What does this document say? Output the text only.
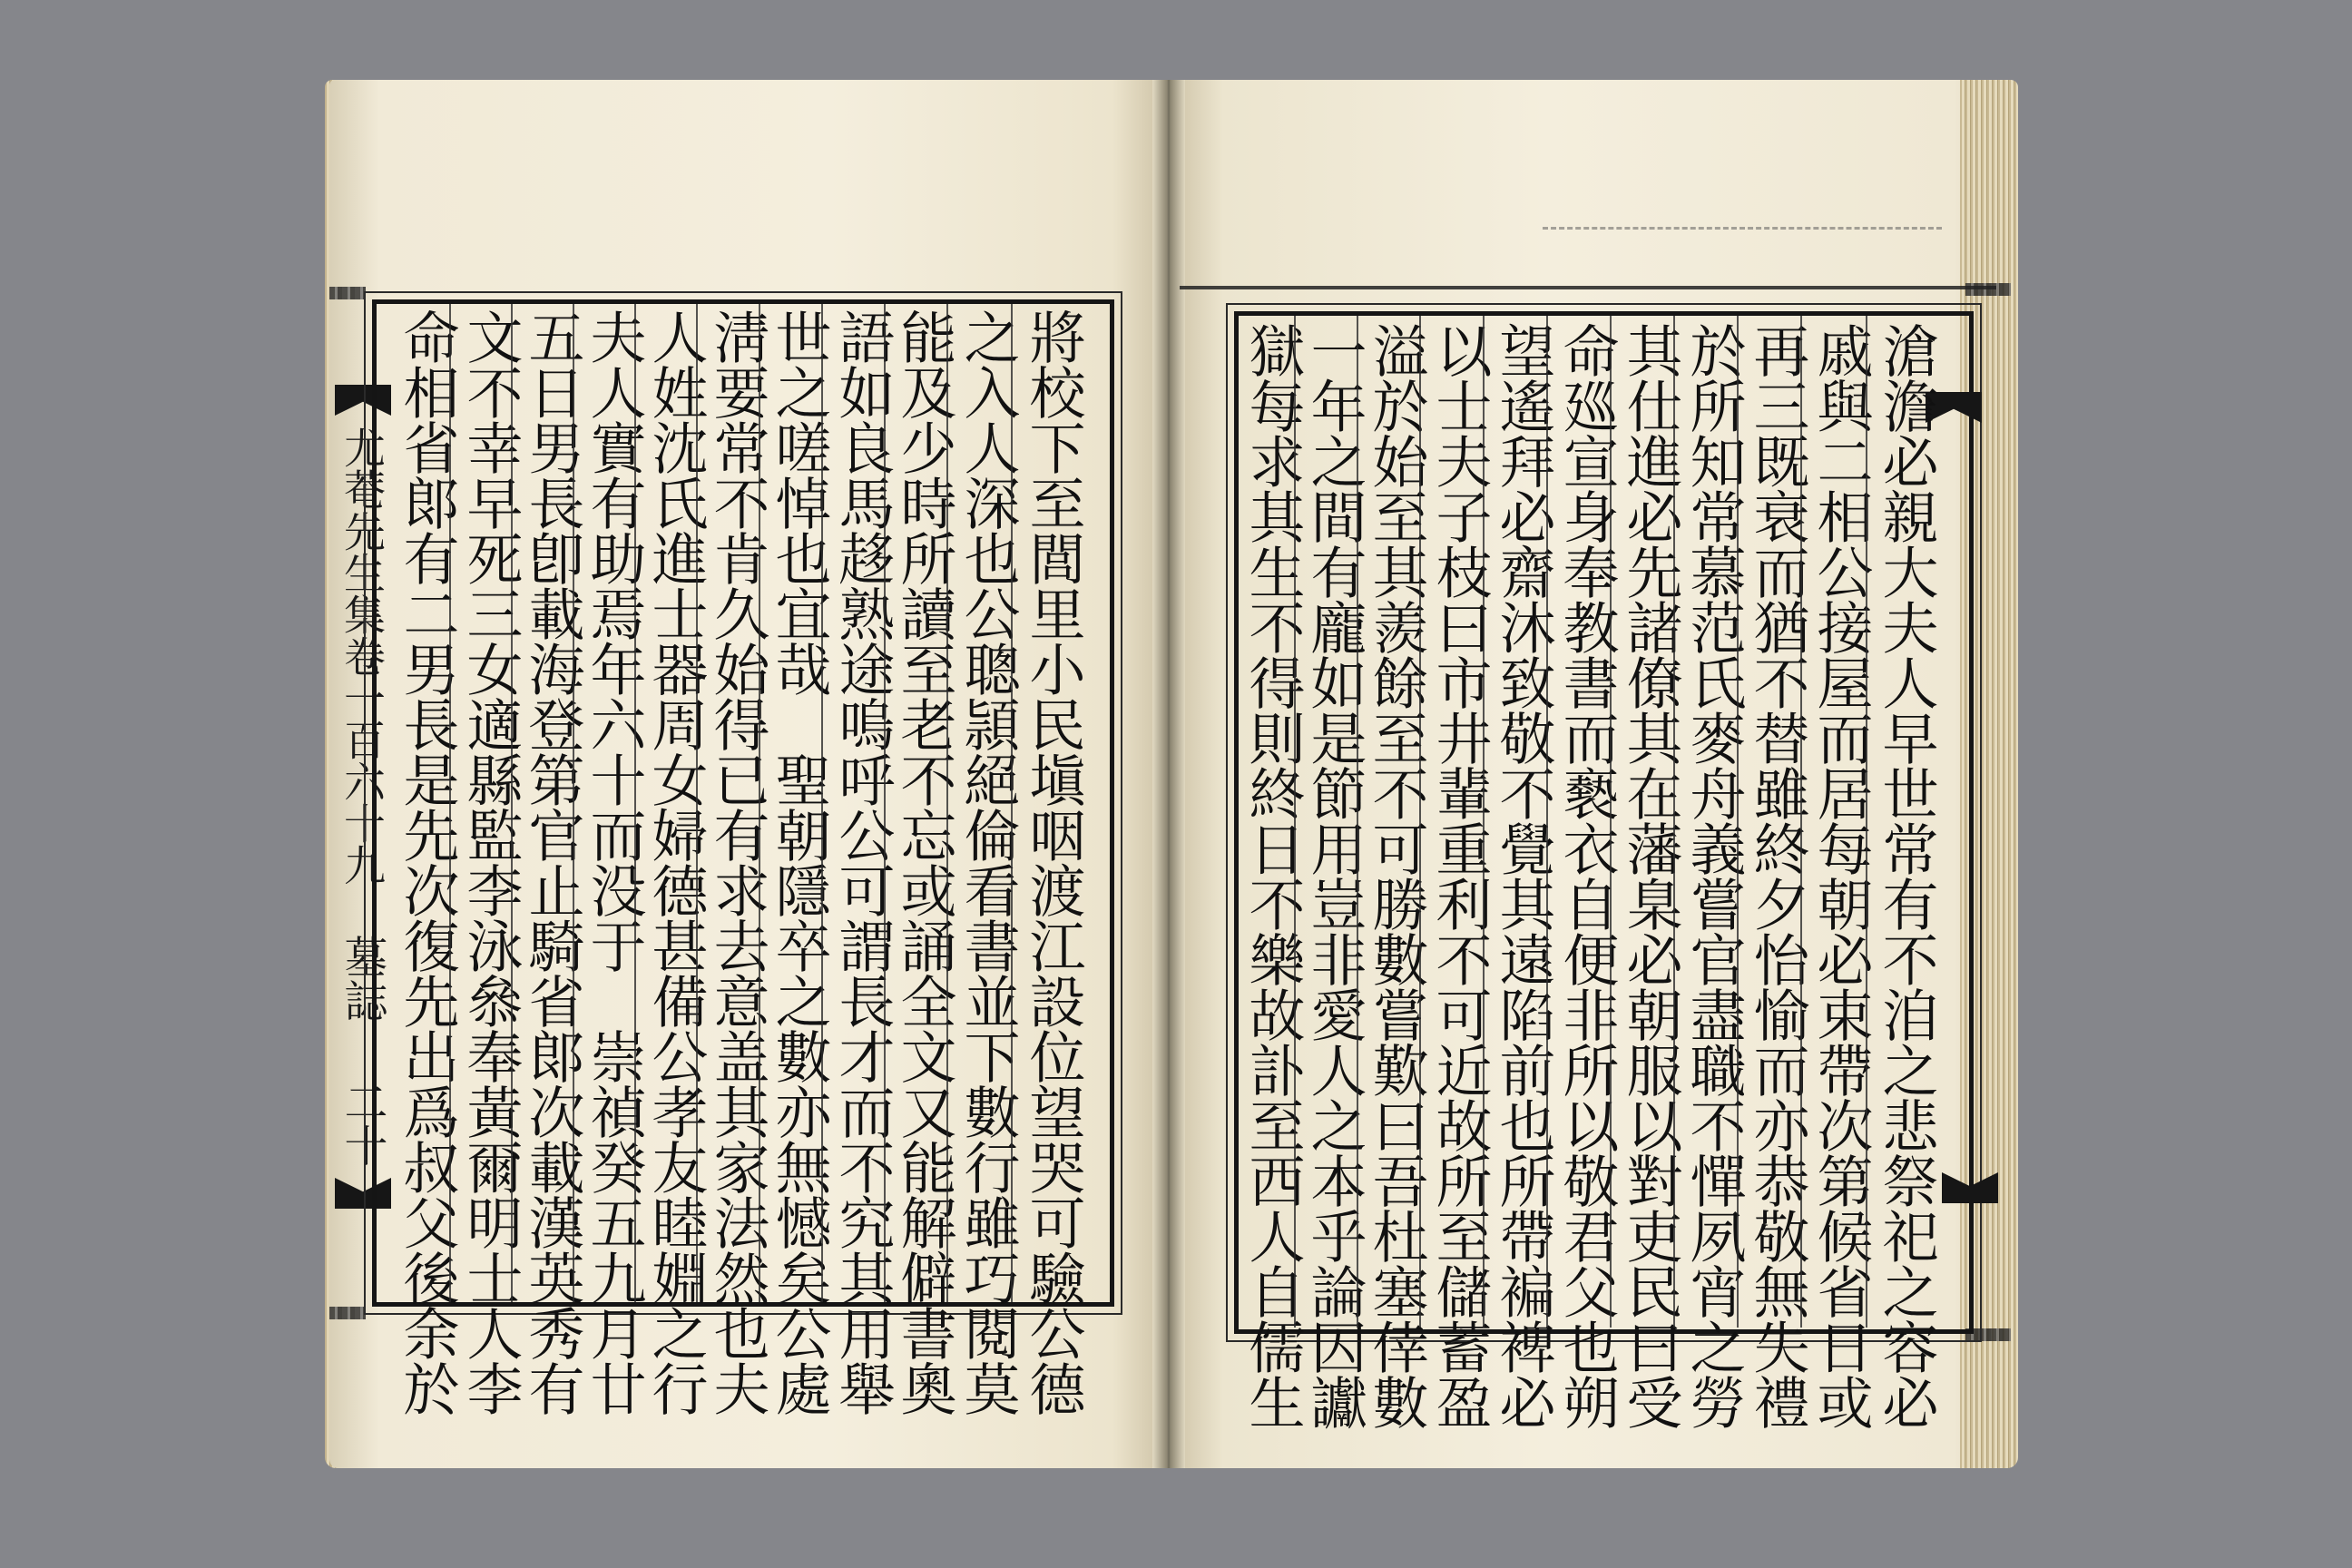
尤菴先生集卷一百六十九
墓誌
二十	將校下至閭里小民塡咽渡江設位望哭可驗公德
之入人深也公聰頴絕倫看書並下數行雖巧閱莫
能及少時所讀至老不忘或誦全文又能解僻書奧
語如良馬趍熟途嗚呼公可謂長才而不究其用舉
世之嗟悼也宜哉　聖朝隱卒之數亦無憾矣公處
淸要常不肯久始得已有求去意盖其家法然也夫
人姓沈氏進士器周女婦德甚備公孝友睦婣之行
夫人實有助焉年六十而没于　崇禎癸五九月廿
五日男長卽載海登第官止騎省郞次載漢英秀有
文不幸早死三女適縣監李泳叅奉黃爾明士人李
命相省郞有二男長是先次復先出爲叔父後余於	滄澹必親大夫人早世常有不洎之悲祭祀之容必
戚與二相公接屋而居每朝必束帶次第候省日或
再三既衰而猶不替雖終夕怡愉而亦恭敬無失禮
於所知常慕范氏麥舟義嘗官盡職不憚夙宵之勞
其仕進必先諸僚其在藩臬必朝服以對吏民曰受
命廵宣身奉教書而褻衣自便非所以敬君父也朔
望遙拜必齋沐致敬不覺其遠陷前也所帶褊裨必
以士夫子枝曰市井輩重利不可近故所至儲蓄盈
溢於始至其羨餘至不可勝數嘗歎曰吾杜塞倖數
一年之間有龐如是節用豈非愛人之本乎論囚讞
獄每求其生不得則終日不樂故訃至西人自儒生
